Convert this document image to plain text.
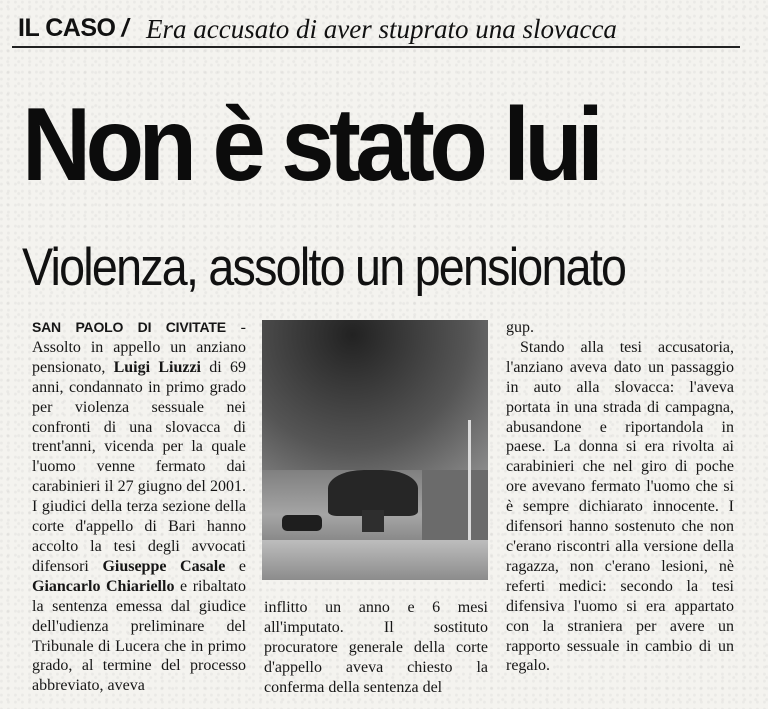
IL CASO / Era accusato di aver stuprato una slovacca
Non è stato lui
Violenza, assolto un pensionato

SAN PAOLO DI CIVITATE - Assolto in appello un anziano pensionato, Luigi Liuzzi di 69 anni, condannato in primo grado per violenza sessuale nei confronti di una slovacca di trent'anni, vicenda per la quale l'uomo venne fermato dai carabinieri il 27 giugno del 2001. I giudici della terza sezione della corte d'appello di Bari hanno accolto la tesi degli avvocati difensori Giuseppe Casale e Giancarlo Chiariello e ribaltato la sentenza emessa dal giudice dell'udienza preliminare del Tribunale di Lucera che in primo grado, al termine del processo abbreviato, aveva

inflitto un anno e 6 mesi all'imputato. Il sostituto procuratore generale della corte d'appello aveva chiesto la conferma della sentenza del

gup.

Stando alla tesi accusatoria, l'anziano aveva dato un passaggio in auto alla slovacca: l'aveva portata in una strada di campagna, abusandone e riportandola in paese. La donna si era rivolta ai carabinieri che nel giro di poche ore avevano fermato l'uomo che si è sempre dichiarato innocente. I difensori hanno sostenuto che non c'erano riscontri alla versione della ragazza, non c'erano lesioni, nè referti medici: secondo la tesi difensiva l'uomo si era appartato con la straniera per avere un rapporto sessuale in cambio di un regalo.
